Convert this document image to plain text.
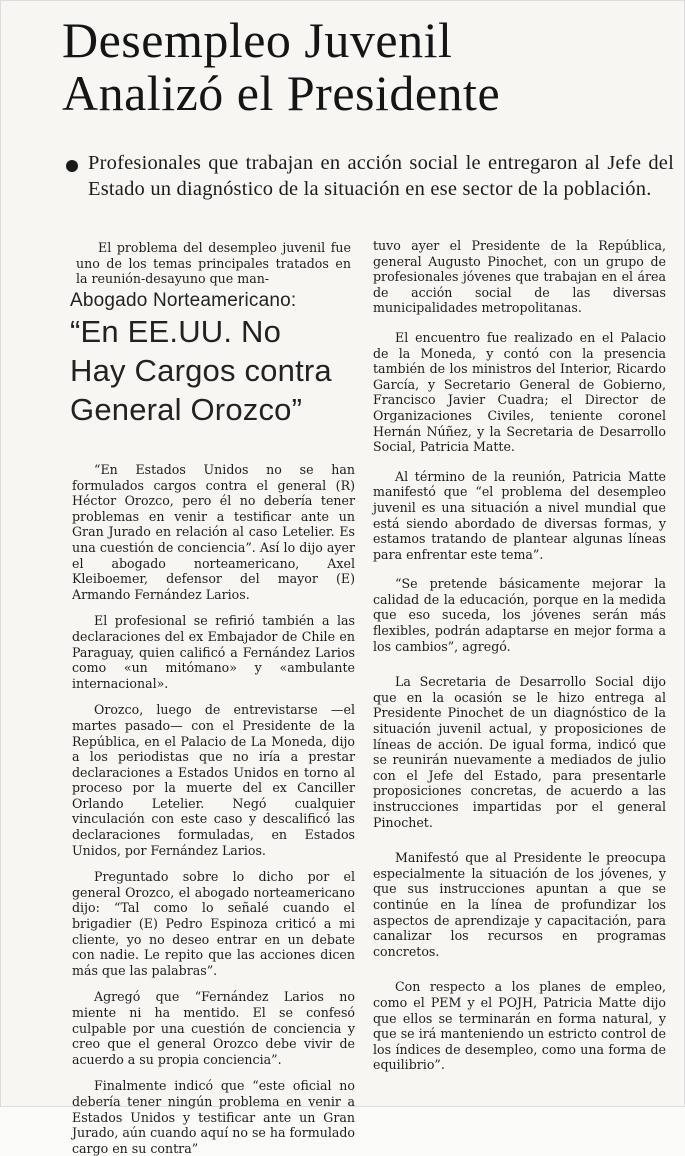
Desempleo Juvenil
Analizó el Presidente
Profesionales que trabajan en acción social le entregaron al Jefe del Estado un diagnóstico de la situación en ese sector de la población.

El problema del desempleo juvenil fue uno de los temas principales tratados en la reunión-desayuno que man-

Abogado Norteamericano:
“En EE.UU. No
Hay Cargos contra
General Orozco”

“En Estados Unidos no se han formulados cargos contra el general (R) Héctor Orozco, pero él no debería tener problemas en venir a testificar ante un Gran Jurado en relación al caso Letelier. Es una cuestión de conciencia”. Así lo dijo ayer el abogado norteamericano, Axel Kleiboemer, defensor del mayor (E) Armando Fernández Larios.

El profesional se refirió también a las declaraciones del ex Embajador de Chile en Paraguay, quien calificó a Fernández Larios como «un mitómano» y «ambulante internacional».

Orozco, luego de entrevistarse —el martes pasado— con el Presidente de la República, en el Palacio de La Moneda, dijo a los periodistas que no iría a prestar declaraciones a Estados Unidos en torno al proceso por la muerte del ex Canciller Orlando Letelier. Negó cualquier vinculación con este caso y descalificó las declaraciones formuladas, en Estados Unidos, por Fernández Larios.

Preguntado sobre lo dicho por el general Orozco, el abogado norteamericano dijo: “Tal como lo señalé cuando el brigadier (E) Pedro Espinoza criticó a mi cliente, yo no deseo entrar en un debate con nadie. Le repito que las acciones dicen más que las palabras”.

Agregó que “Fernández Larios no miente ni ha mentido. El se confesó culpable por una cuestión de conciencia y creo que el general Orozco debe vivir de acuerdo a su propia conciencia”.

Finalmente indicó que “este oficial no debería tener ningún problema en venir a Estados Unidos y testificar ante un Gran Jurado, aún cuando aquí no se ha formulado cargo en su contra”

tuvo ayer el Presidente de la República, general Augusto Pinochet, con un grupo de profesionales jóvenes que trabajan en el área de acción social de las diversas municipalidades metropolitanas.

El encuentro fue realizado en el Palacio de la Moneda, y contó con la presencia también de los ministros del Interior, Ricardo García, y Secretario General de Gobierno, Francisco Javier Cuadra; el Director de Organizaciones Civiles, teniente coronel Hernán Núñez, y la Secretaria de Desarrollo Social, Patricia Matte.

Al término de la reunión, Patricia Matte manifestó que “el problema del desempleo juvenil es una situación a nivel mundial que está siendo abordado de diversas formas, y estamos tratando de plantear algunas líneas para enfrentar este tema”.

“Se pretende básicamente mejorar la calidad de la educación, porque en la medida que eso suceda, los jóvenes serán más flexibles, podrán adaptarse en mejor forma a los cambios”, agregó.

La Secretaria de Desarrollo Social dijo que en la ocasión se le hizo entrega al Presidente Pinochet de un diagnóstico de la situación juvenil actual, y proposiciones de líneas de acción. De igual forma, indicó que se reunirán nuevamente a mediados de julio con el Jefe del Estado, para presentarle proposiciones concretas, de acuerdo a las instrucciones impartidas por el general Pinochet.

Manifestó que al Presidente le preocupa especialmente la situación de los jóvenes, y que sus instrucciones apuntan a que se continúe en la línea de profundizar los aspectos de aprendizaje y capacitación, para canalizar los recursos en programas concretos.

Con respecto a los planes de empleo, como el PEM y el POJH, Patricia Matte dijo que ellos se terminarán en forma natural, y que se irá manteniendo un estricto control de los índices de desempleo, como una forma de equilibrio”.
